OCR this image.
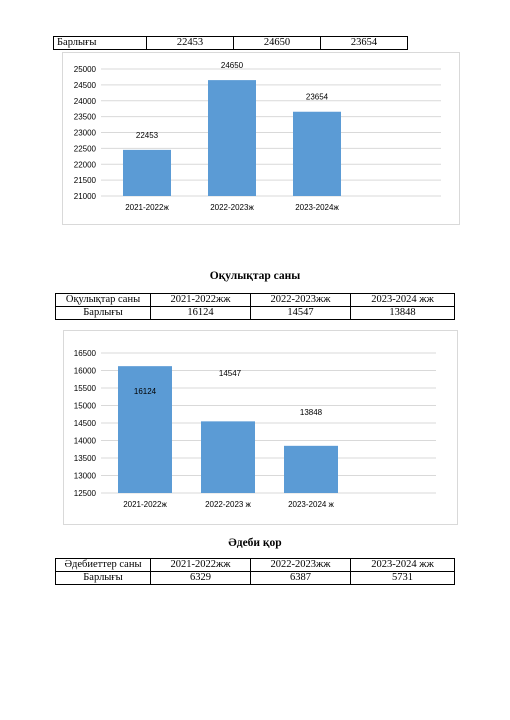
Барлығы	22453	24650	23654
25000
24500
24000
23500
23000
22500
22000
21500
21000
22453
2021-2022ж
24650
2022-2023ж
23654
2023-2024ж
Оқулықтар саны
Оқулықтар саны	2021-2022жж	2022-2023жж	2023-2024 жж
Барлығы	16124	14547	13848
16500
16000
15500
15000
14500
14000
13500
13000
12500
16124
2021-2022ж
14547
2022-2023 ж
13848
2023-2024 ж
Әдеби қор
Әдебиеттер саны	2021-2022жж	2022-2023жж	2023-2024 жж
Барлығы	6329	6387	5731
